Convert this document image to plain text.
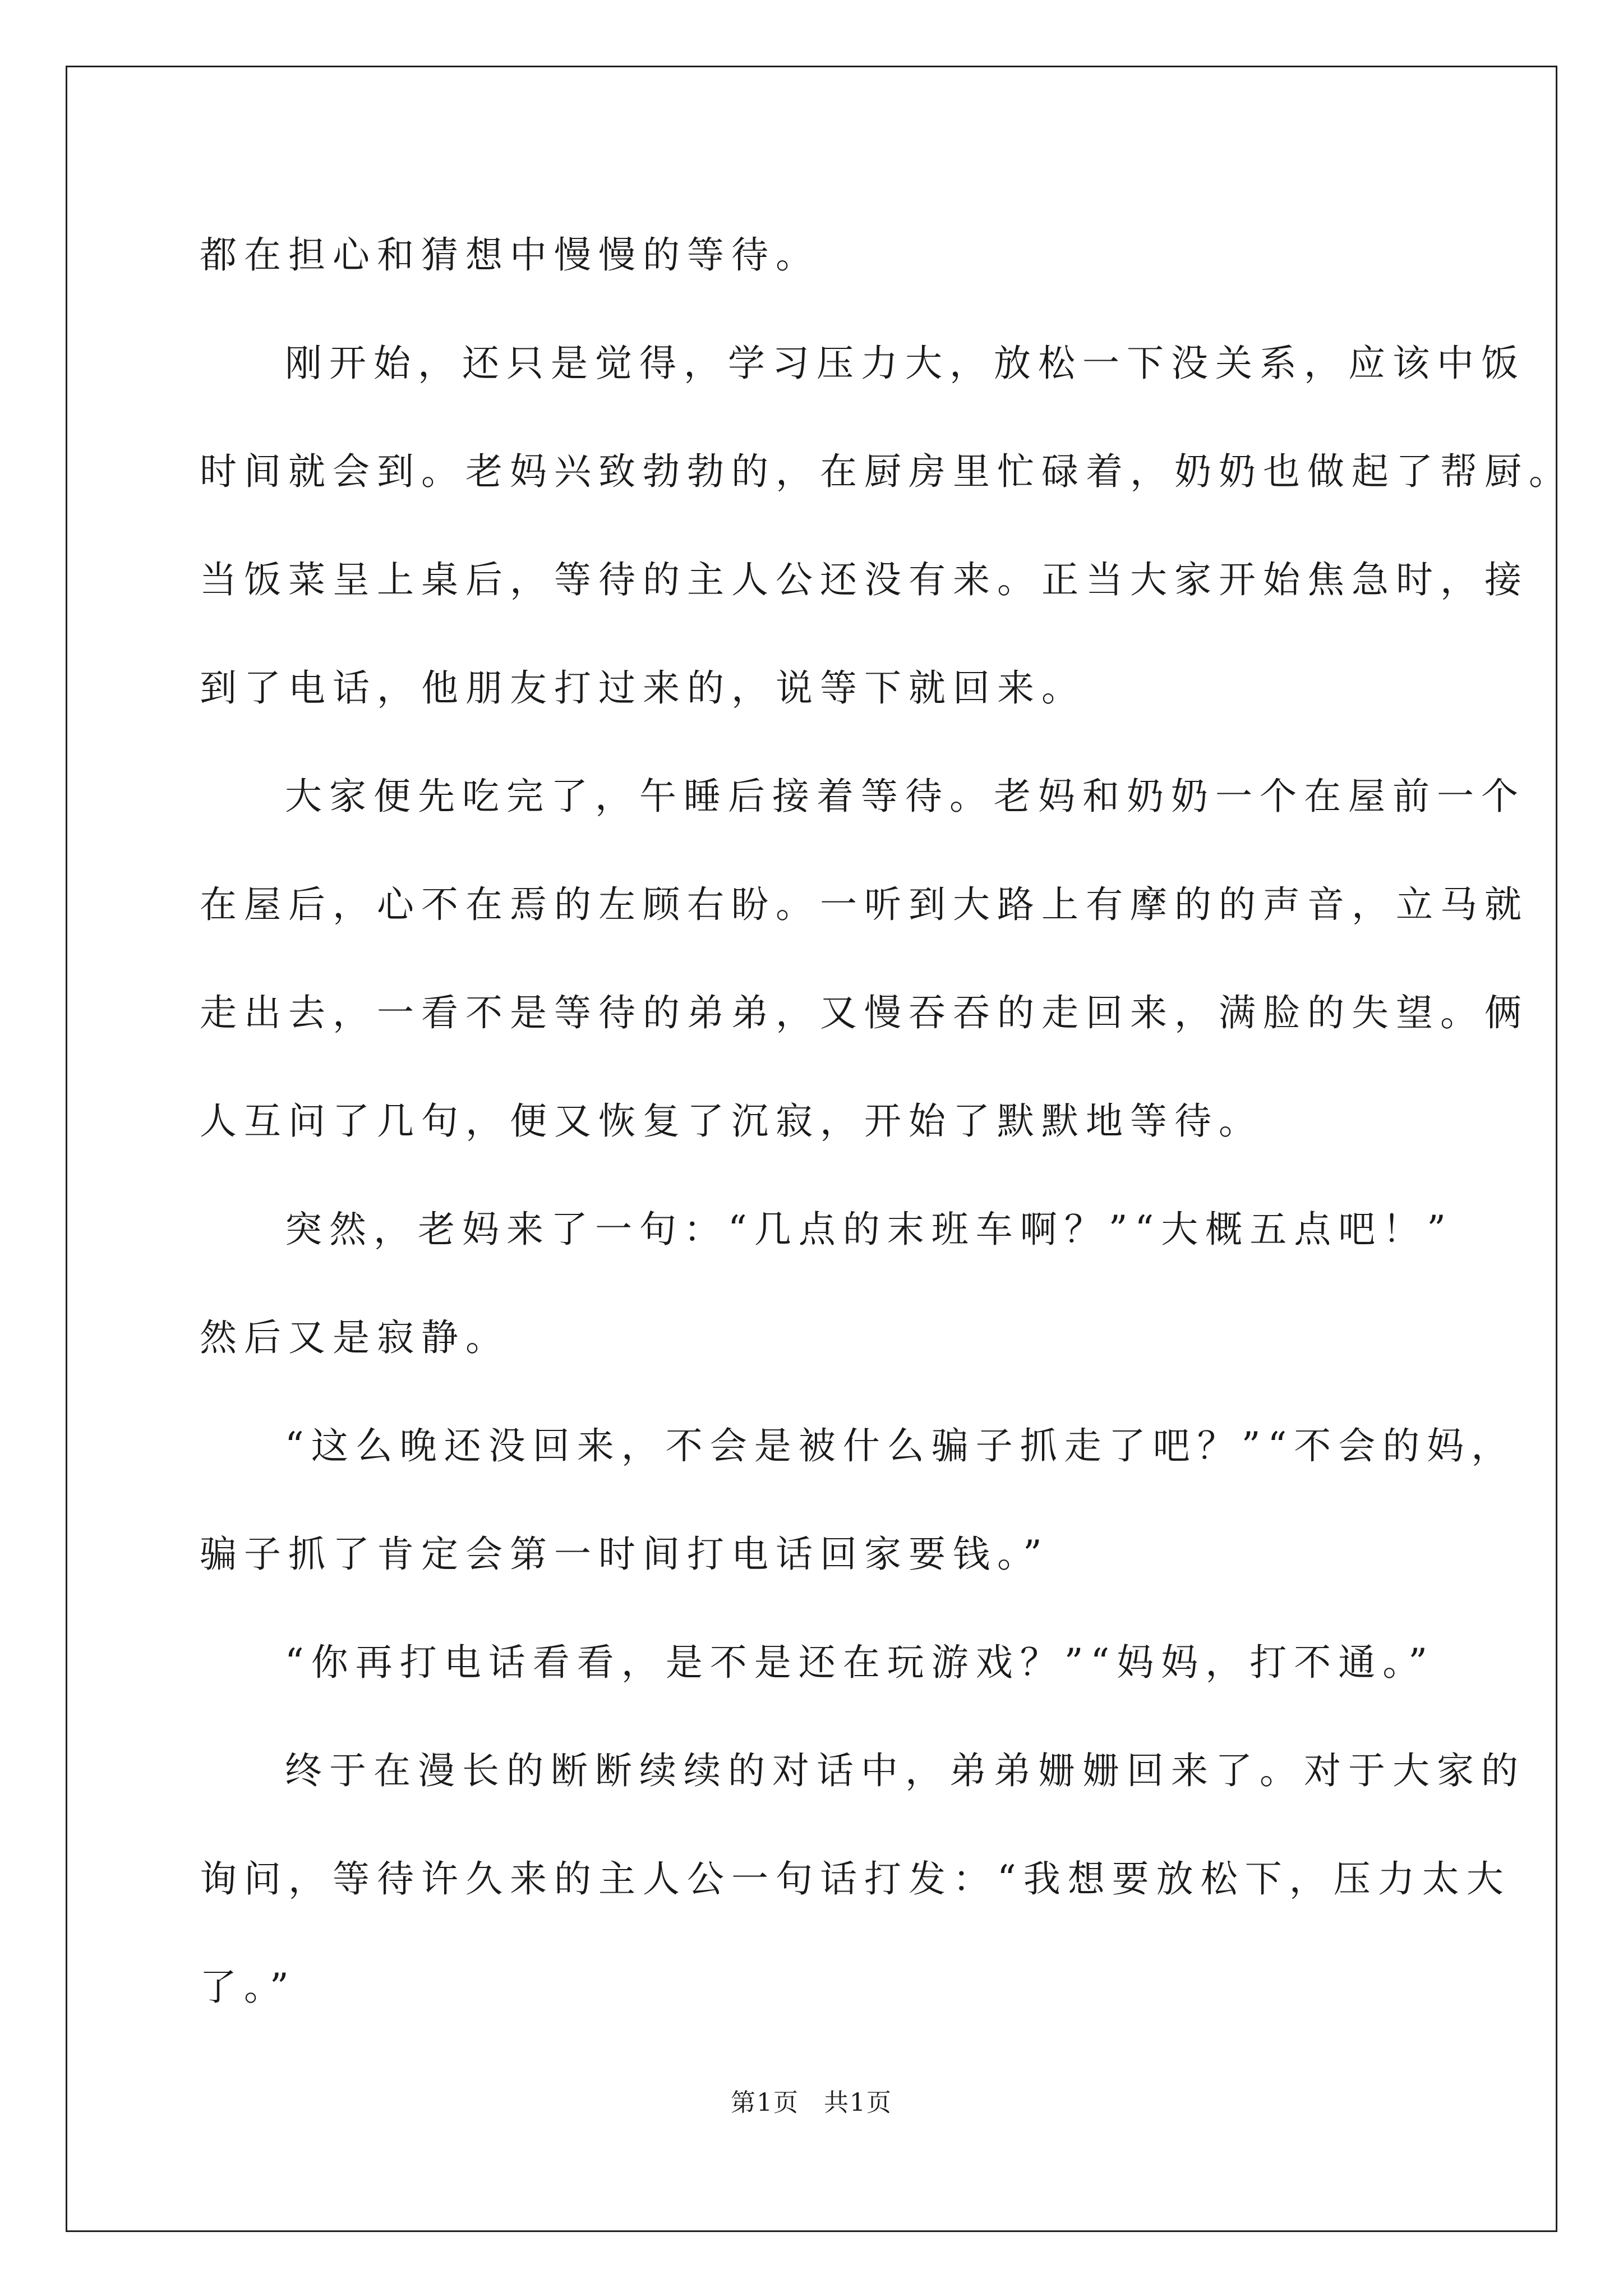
都在担心和猜想中慢慢的等待。

刚开始，还只是觉得，学习压力大，放松一下没关系，应该中饭

时间就会到。老妈兴致勃勃的，在厨房里忙碌着，奶奶也做起了帮厨。

当饭菜呈上桌后，等待的主人公还没有来。正当大家开始焦急时，接

到了电话，他朋友打过来的，说等下就回来。

大家便先吃完了，午睡后接着等待。老妈和奶奶一个在屋前一个

在屋后，心不在焉的左顾右盼。一听到大路上有摩的的声音，立马就

走出去，一看不是等待的弟弟，又慢吞吞的走回来，满脸的失望。俩

人互问了几句，便又恢复了沉寂，开始了默默地等待。

突然，老妈来了一句：“几点的末班车啊？”“大概五点吧！”

然后又是寂静。

“这么晚还没回来，不会是被什么骗子抓走了吧？”“不会的妈，

骗子抓了肯定会第一时间打电话回家要钱。”

“你再打电话看看，是不是还在玩游戏？”“妈妈，打不通。”

终于在漫长的断断续续的对话中，弟弟姗姗回来了。对于大家的

询问，等待许久来的主人公一句话打发：“我想要放松下，压力太大

了。”

第1页 共1页
